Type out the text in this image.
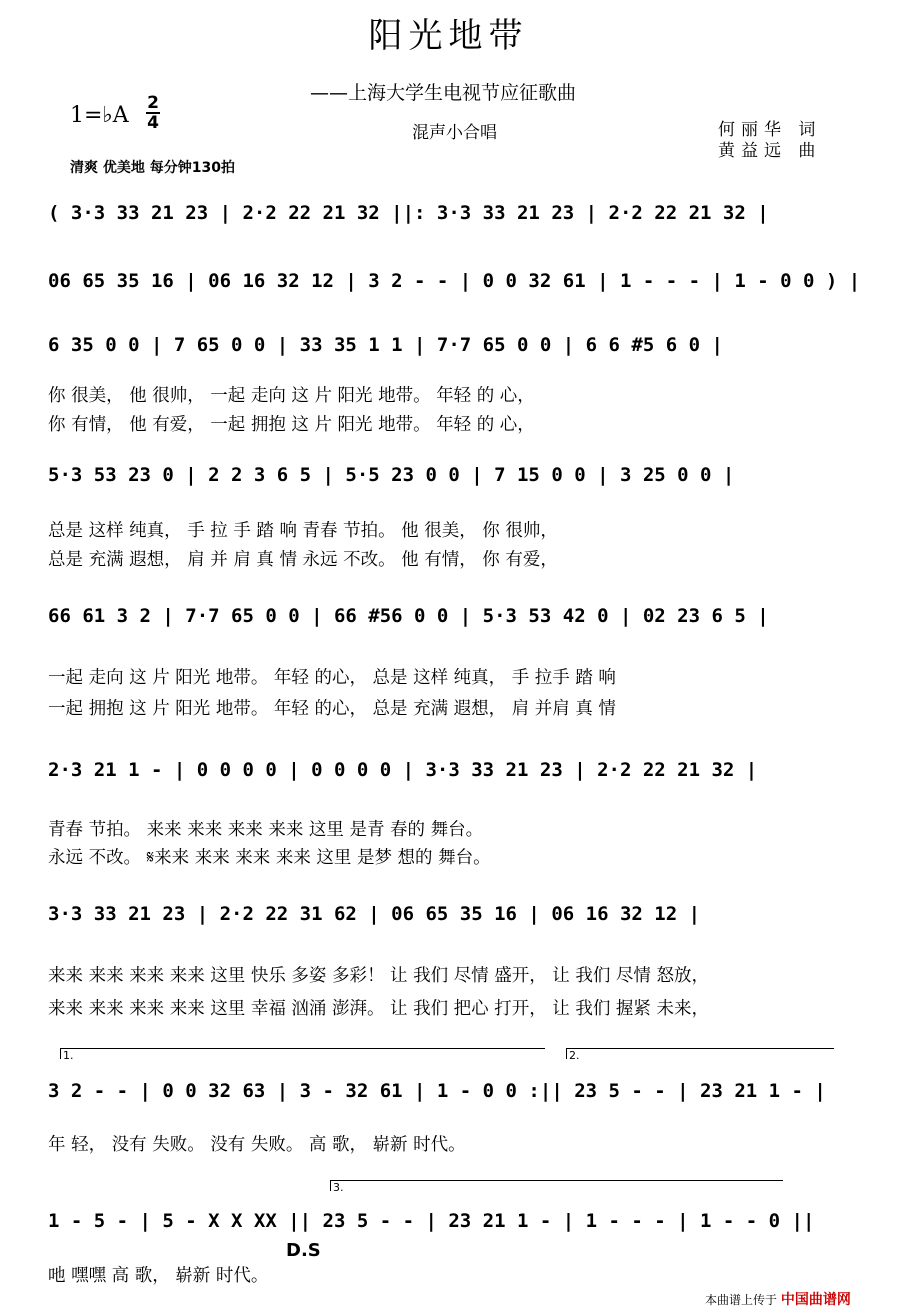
阳光地带
——上海大学生电视节应征歌曲
混声小合唱	何丽华 词
黄益远 曲
1=♭A 2
4
清爽 优美地 每分钟130拍
( 3·3 33 21 23 | 2·2 22 21 32 ||: 3·3 33 21 23 | 2·2 22 21 32 |
06 65 35 16 | 06 16 32 12 | 3 2 - - | 0 0 32 61 | 1 - - - | 1 - 0 0 ) |
6 35 0 0 | 7 65 0 0 | 33 35 1 1 | 7·7 65 0 0 | 6 6 #5 6 0 |
你 很美， 他 很帅， 一起 走向 这 片 阳光 地带。 年轻 的 心，
你 有情， 他 有爱， 一起 拥抱 这 片 阳光 地带。 年轻 的 心，
5·3 53 23 0 | 2 2 3 6 5 | 5·5 23 0 0 | 7 15 0 0 | 3 25 0 0 |
总是 这样 纯真， 手 拉 手 踏 响 青春 节拍。 他 很美， 你 很帅，
总是 充满 遐想， 肩 并 肩 真 情 永远 不改。 他 有情， 你 有爱，
66 61 3 2 | 7·7 65 0 0 | 66 #56 0 0 | 5·3 53 42 0 | 02 23 6 5 |
一起 走向 这 片 阳光 地带。 年轻 的心， 总是 这样 纯真， 手 拉手 踏 响
一起 拥抱 这 片 阳光 地带。 年轻 的心， 总是 充满 遐想， 肩 并肩 真 情
2·3 21 1 - | 0 0 0 0 | 0 0 0 0 | 3·3 33 21 23 | 2·2 22 21 32 |
青春 节拍。 来来 来来 来来 来来 这里 是青 春的 舞台。
永远 不改。 𝄋来来 来来 来来 来来 这里 是梦 想的 舞台。
3·3 33 21 23 | 2·2 22 31 62 | 06 65 35 16 | 06 16 32 12 |
来来 来来 来来 来来 这里 快乐 多姿 多彩！ 让 我们 尽情 盛开， 让 我们 尽情 怒放，
来来 来来 来来 来来 这里 幸福 汹涌 澎湃。 让 我们 把心 打开， 让 我们 握紧 未来，
1.	2.
3 2 - - | 0 0 32 63 | 3 - 32 61 | 1 - 0 0 :|| 23 5 - - | 23 21 1 - |
年 轻， 没有 失败。 没有 失败。 高 歌， 崭新 时代。
3.
1 - 5 - | 5 - X X XX || 23 5 - - | 23 21 1 - | 1 - - - | 1 - - 0 ||
D.S
吔 嘿嘿 高 歌， 崭新 时代。
本曲谱上传于 中国曲谱网
